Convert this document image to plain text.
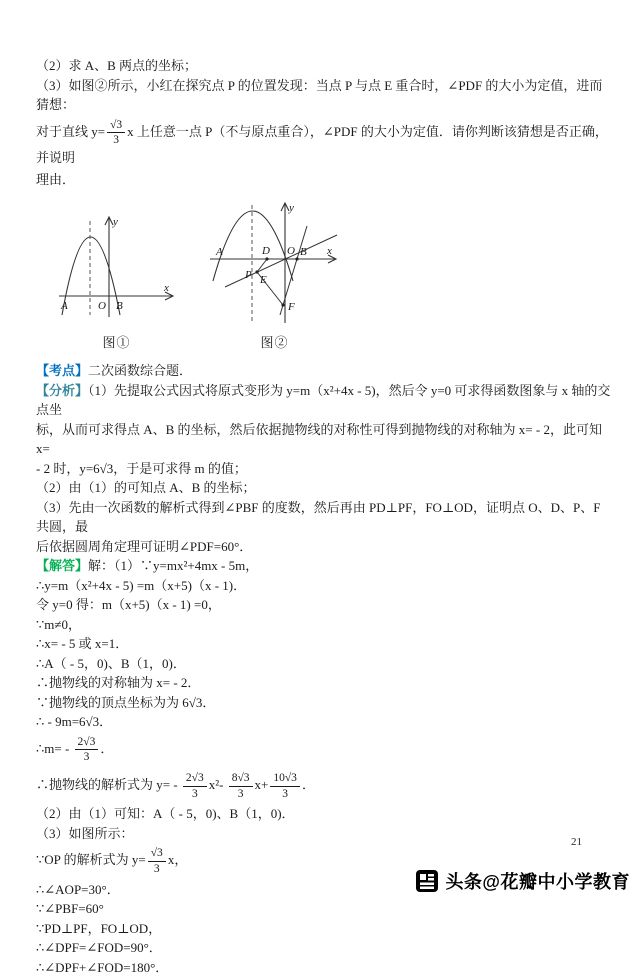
（2）求 A、B 两点的坐标；
（3）如图②所示，小红在探究点 P 的位置发现：当点 P 与点 E 重合时，∠PDF 的大小为定值，进而猜想：
对于直线 $y= \frac{√3}{3}$ x 上任意一点 P（不与原点重合），∠PDF 的大小为定值．请你判断该猜想是否正确，并说明
理由．
y
x
A	O B
图①
y
x
A	D O B
P E
F
图②
【考点】二次函数综合题．
【分析】（1）先提取公式因式将原式变形为 y=m（x²+4x - 5)，然后令 y=0 可求得函数图象与 x 轴的交点坐
标，从而可求得点 A、B 的坐标，然后依据抛物线的对称性可得到抛物线的对称轴为 x= - 2，此可知 x=
- 2 时，y=6√3，于是可求得 m 的值；
（2）由（1）的可知点 A、B 的坐标；
（3）先由一次函数的解析式得到∠PBF 的度数，然后再由 PD⊥PF，FO⊥OD，证明点 O、D、P、F 共圆，最
后依据圆周角定理可证明∠PDF=60°．
【解答】解：（1）∵y=mx²+4mx - 5m，
∴y=m（x²+4x - 5) =m（x+5)（x - 1)．
令 y=0 得：m（x+5)（x - 1) =0，
∵m≠0，
∴x= - 5 或 x=1．
∴A（ - 5，0)、B（1，0)．
∴抛物线的对称轴为 x= - 2．
∵抛物线的顶点坐标为为 6√3．
∴ - 9m=6√3．
∴m= - $\frac{2√3}{3}$ ．
∴抛物线的解析式为 $y= - \frac{2√3}{3} x^2- \frac{8√3}{3} x+ \frac{10√3}{3}$ ．
（2）由（1）可知：A（ - 5，0)、B（1，0)．
（3）如图所示：
∵OP 的解析式为 $y= \frac{√3}{3}$ x，
∴∠AOP=30°．
∵∠PBF=60°
∵PD⊥PF，FO⊥OD，
∴∠DPF=∠FOD=90°．
∴∠DPF+∠FOD=180°．
21
头条@花瓣中小学教育
